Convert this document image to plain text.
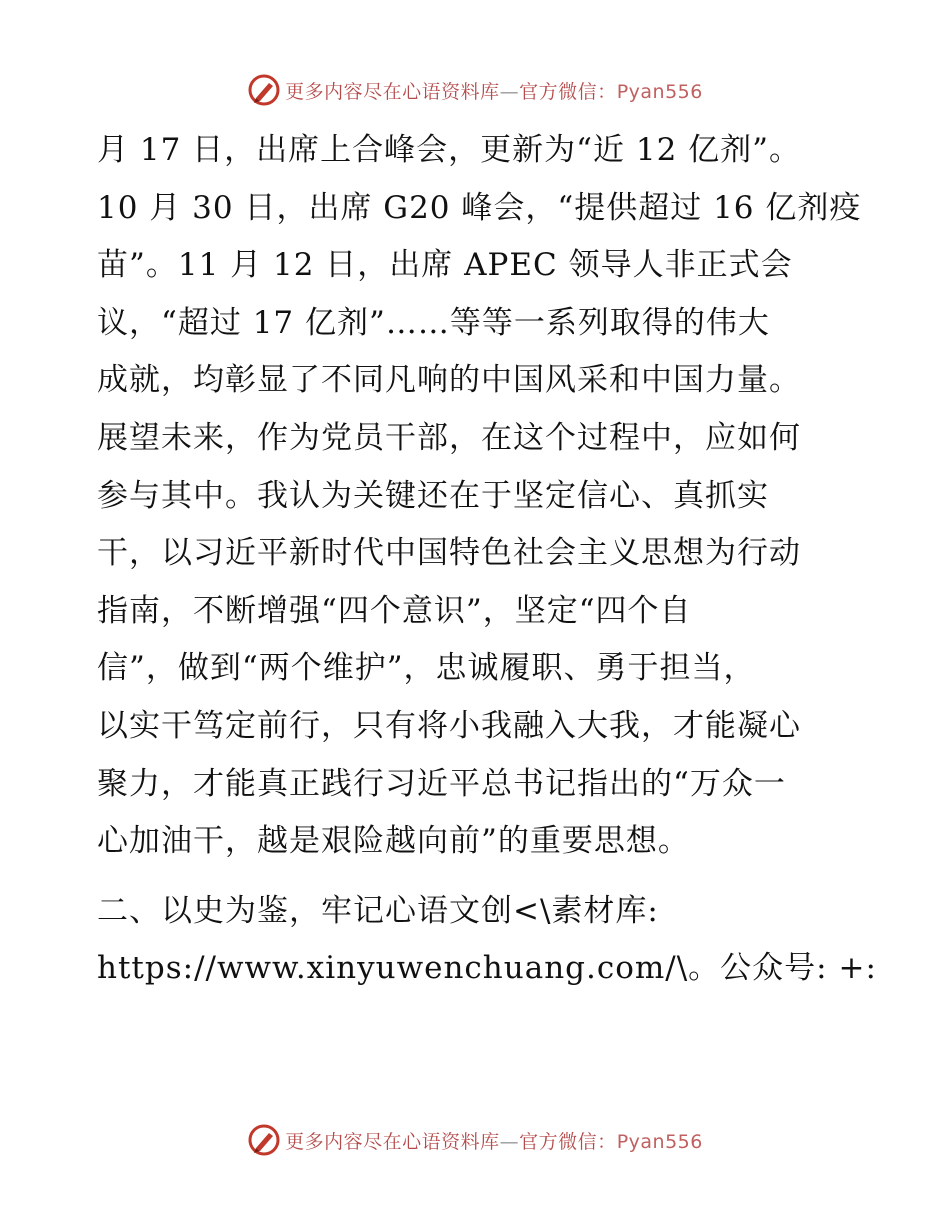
更多内容尽在心语资料库—官方微信：Pyan556
月 17 日，出席上合峰会，更新为“近 12 亿剂”。
10 月 30 日，出席 G20 峰会，“提供超过 16 亿剂疫
苗”。11 月 12 日，出席 APEC 领导人非正式会
议，“超过 17 亿剂”……等等一系列取得的伟大
成就，均彰显了不同凡响的中国风采和中国力量。
展望未来，作为党员干部，在这个过程中，应如何
参与其中。我认为关键还在于坚定信心、真抓实
干，以习近平新时代中国特色社会主义思想为行动
指南，不断增强“四个意识”，坚定“四个自
信”，做到“两个维护”，忠诚履职、勇于担当，
以实干笃定前行，只有将小我融入大我，才能凝心
聚力，才能真正践行习近平总书记指出的“万众一
心加油干，越是艰险越向前”的重要思想。
二、以史为鉴，牢记心语文创<\素材库:
https://www.xinyuwenchuang.com/\。公众号: +:
更多内容尽在心语资料库—官方微信：Pyan556
